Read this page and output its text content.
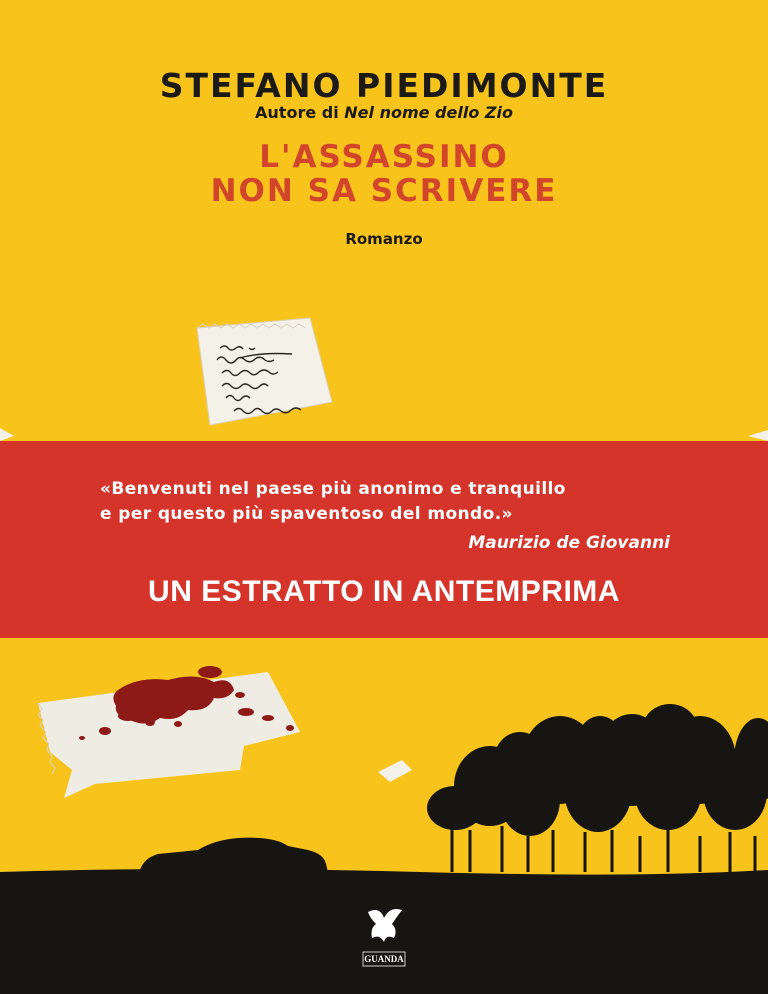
GUANDA
STEFANO PIEDIMONTE
Autore di Nel nome dello Zio
L'ASSASSINO
NON SA SCRIVERE
Romanzo
«Benvenuti nel paese più anonimo e tranquillo
e per questo più spaventoso del mondo.»
Maurizio de Giovanni
UN ESTRATTO IN ANTEMPRIMA
